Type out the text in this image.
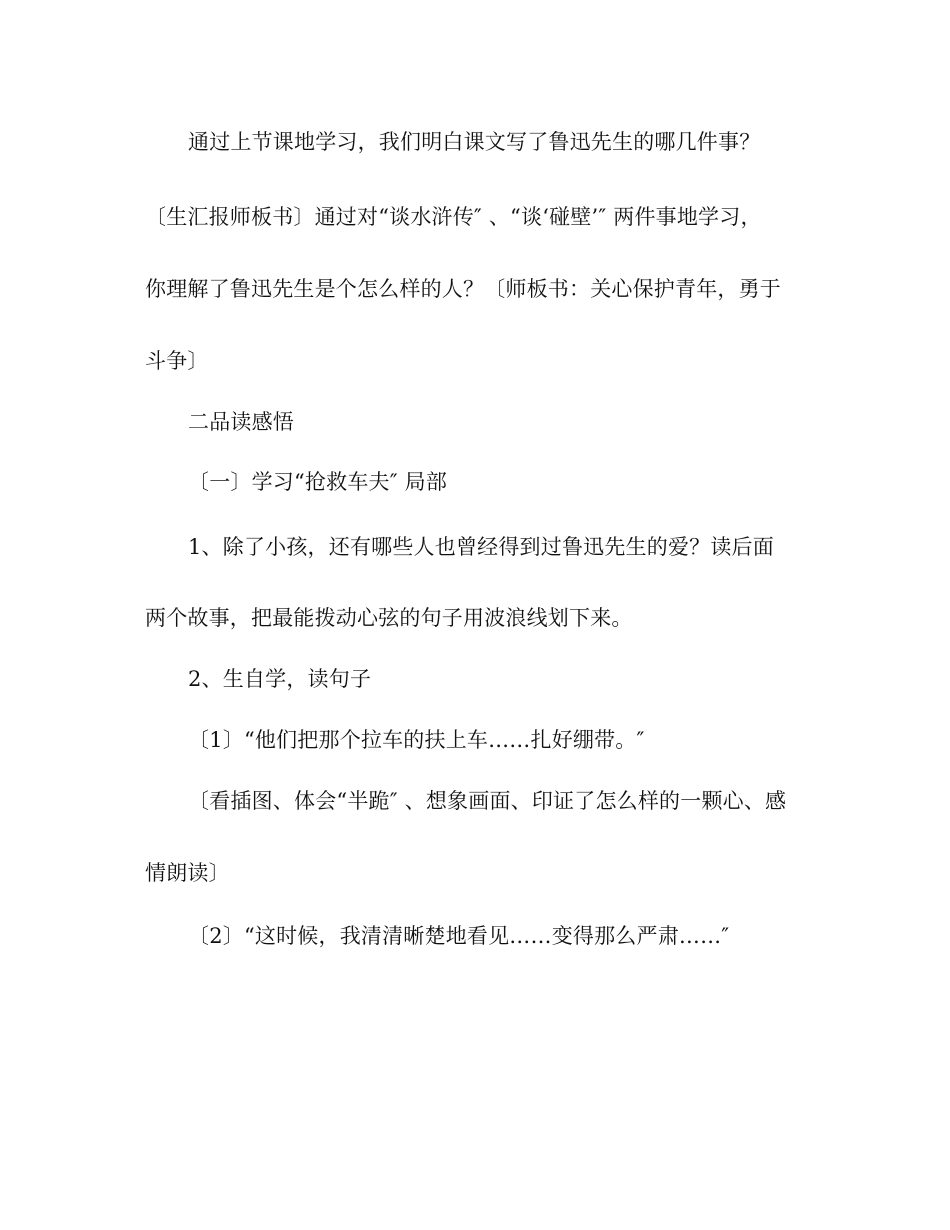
通过上节课地学习，我们明白课文写了鲁迅先生的哪几件事？
〔生汇报师板书〕通过对“谈水浒传″ 、“谈‘碰壁’″ 两件事地学习，
你理解了鲁迅先生是个怎么样的人？〔师板书：关心保护青年，勇于
斗争〕
二品读感悟
〔一〕学习“抢救车夫″ 局部
1、除了小孩，还有哪些人也曾经得到过鲁迅先生的爱？读后面
两个故事，把最能拨动心弦的句子用波浪线划下来。
2、生自学，读句子
〔1〕“他们把那个拉车的扶上车……扎好绷带。″
〔看插图、体会“半跪″ 、想象画面、印证了怎么样的一颗心、感
情朗读〕
〔2〕“这时候，我清清晰楚地看见……变得那么严肃……″
